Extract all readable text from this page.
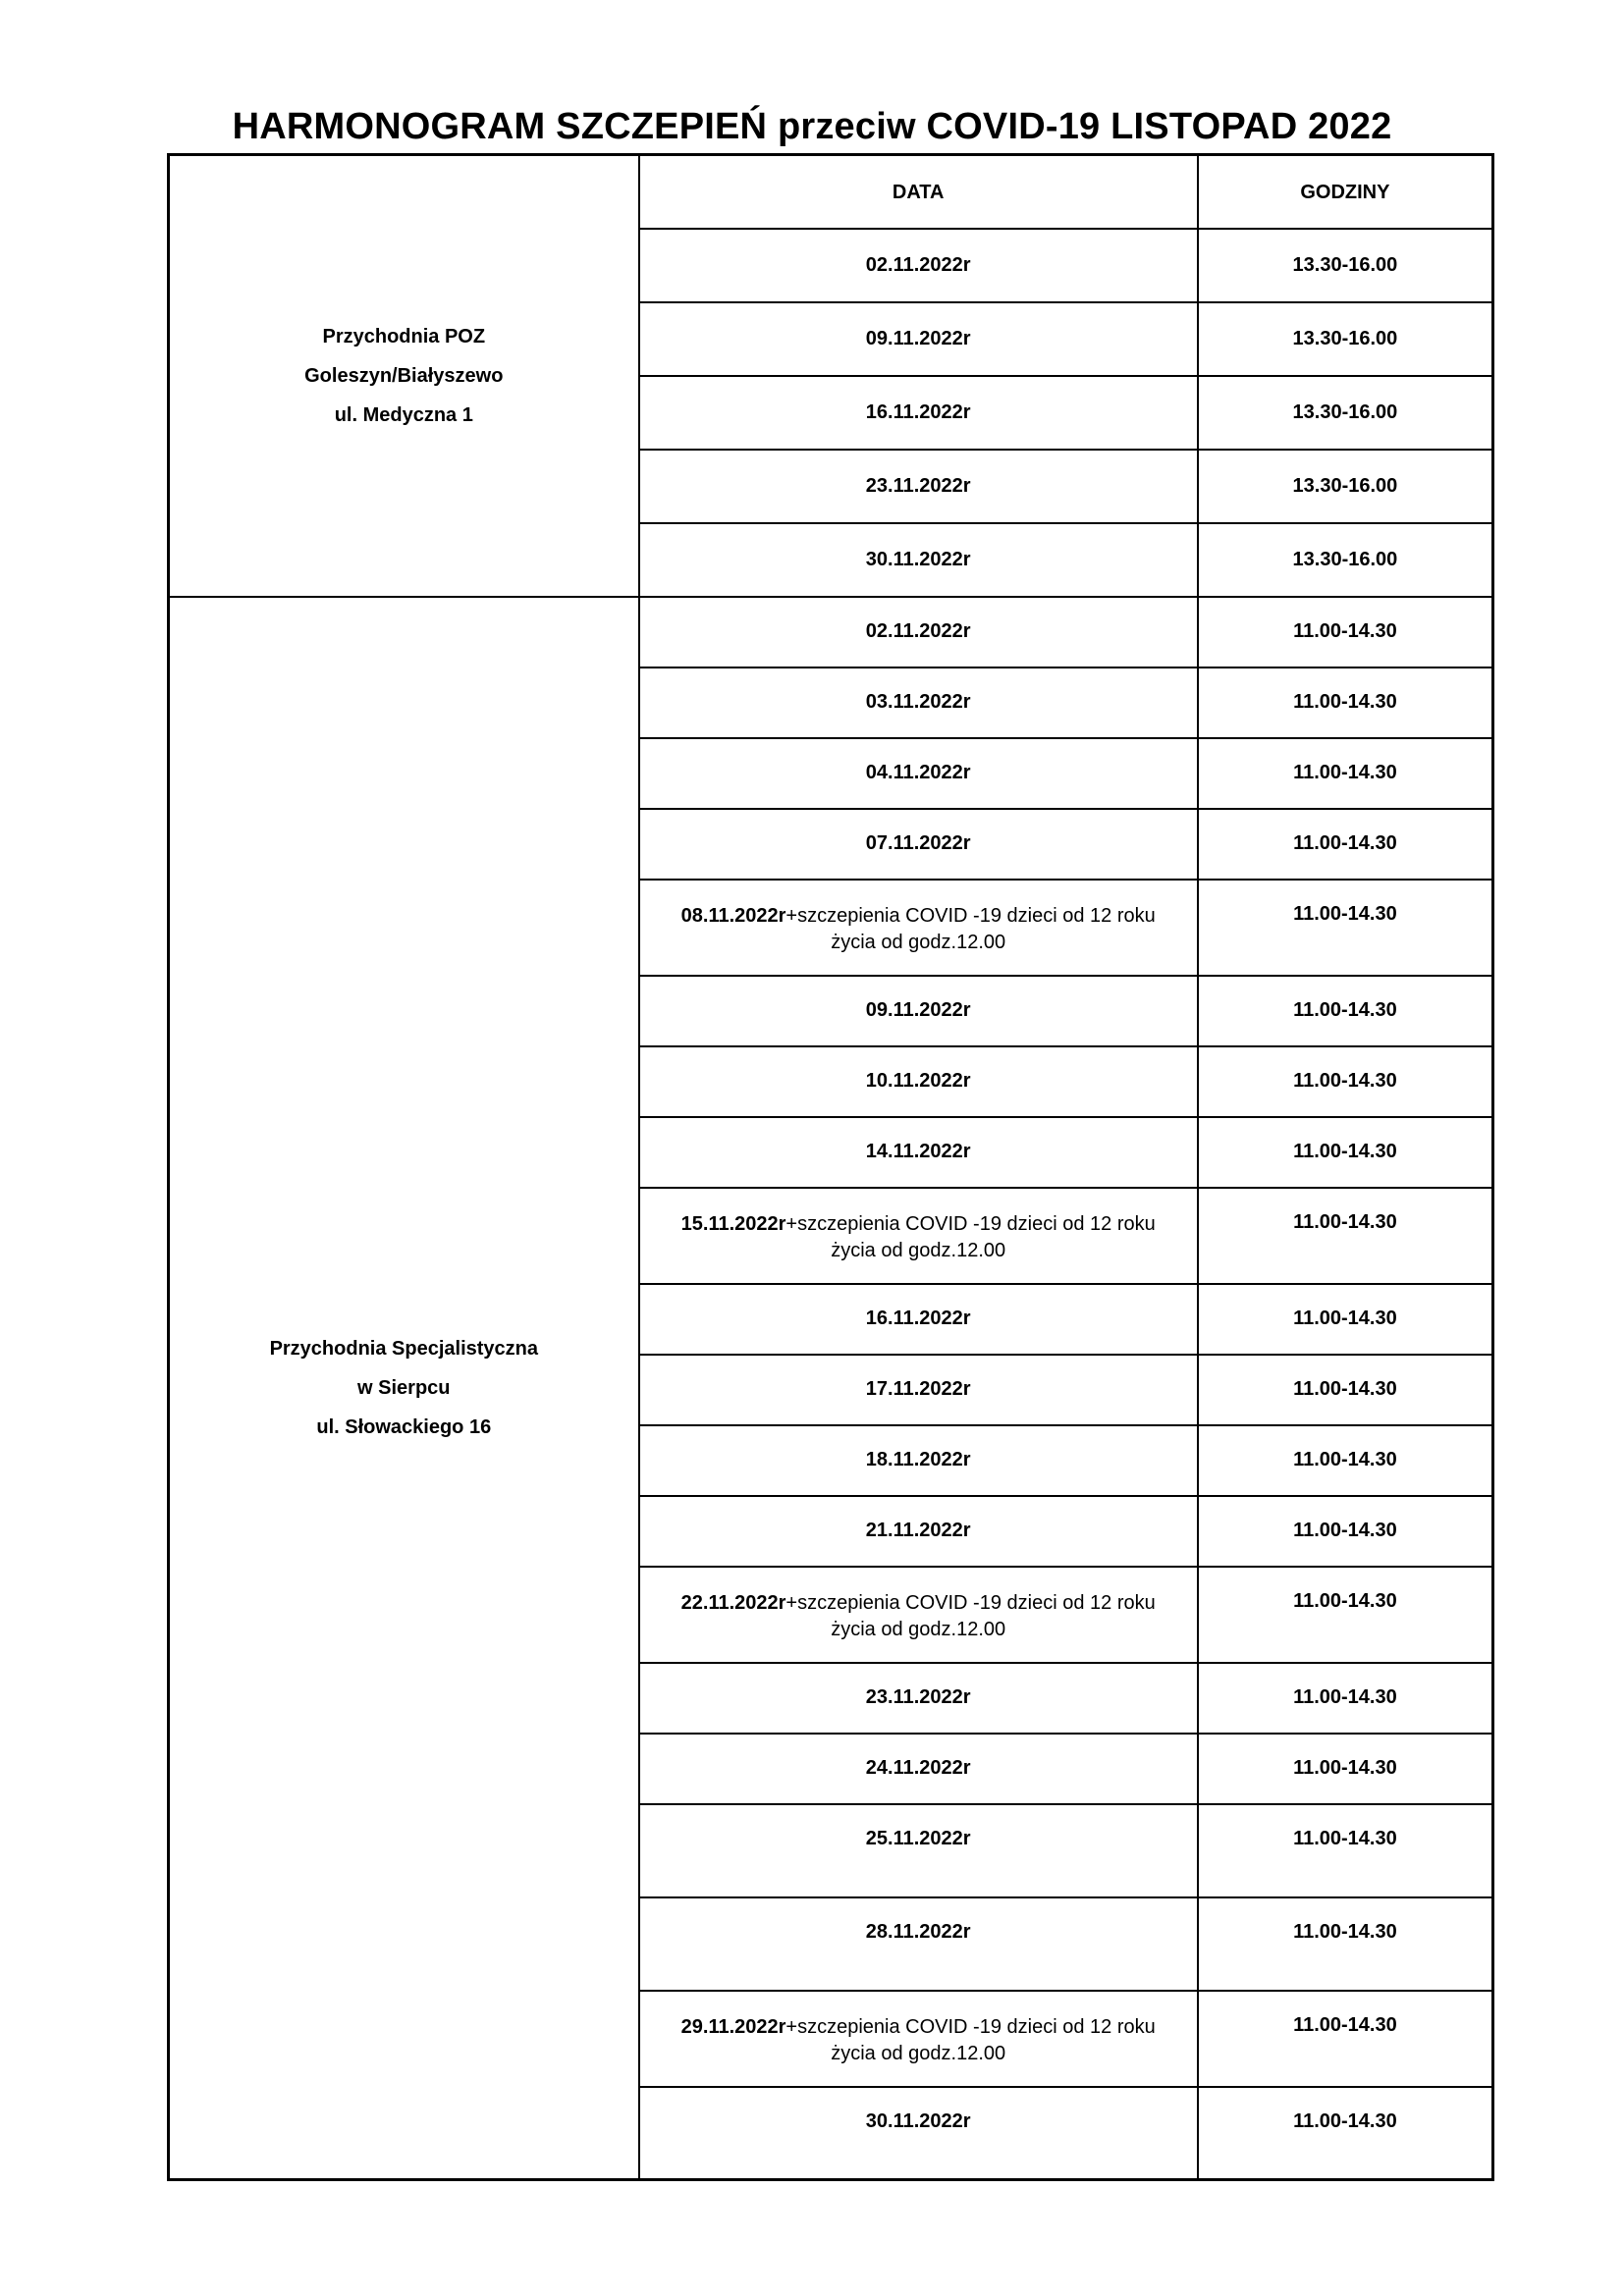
HARMONOGRAM SZCZEPIEŃ przeciw COVID-19 LISTOPAD 2022
Przychodnia POZ
Goleszyn/Białyszewo
ul. Medyczna 1	DATA	GODZINY
	02.11.2022r	13.30-16.00
	09.11.2022r	13.30-16.00
	16.11.2022r	13.30-16.00
	23.11.2022r	13.30-16.00
	30.11.2022r	13.30-16.00

Przychodnia Specjalistyczna
w Sierpcu
ul. Słowackiego 16	02.11.2022r	11.00-14.30
	03.11.2022r	11.00-14.30
	04.11.2022r	11.00-14.30
	07.11.2022r	11.00-14.30
	08.11.2022r+szczepienia COVID -19 dzieci od 12 roku
życia od godz.12.00	11.00-14.30
	09.11.2022r	11.00-14.30
	10.11.2022r	11.00-14.30
	14.11.2022r	11.00-14.30
	15.11.2022r+szczepienia COVID -19 dzieci od 12 roku
życia od godz.12.00	11.00-14.30
	16.11.2022r	11.00-14.30
	17.11.2022r	11.00-14.30
	18.11.2022r	11.00-14.30
	21.11.2022r	11.00-14.30
	22.11.2022r+szczepienia COVID -19 dzieci od 12 roku
życia od godz.12.00	11.00-14.30
	23.11.2022r	11.00-14.30
	24.11.2022r	11.00-14.30
	25.11.2022r	11.00-14.30
	28.11.2022r	11.00-14.30
	29.11.2022r+szczepienia COVID -19 dzieci od 12 roku
życia od godz.12.00	11.00-14.30
	30.11.2022r	11.00-14.30
